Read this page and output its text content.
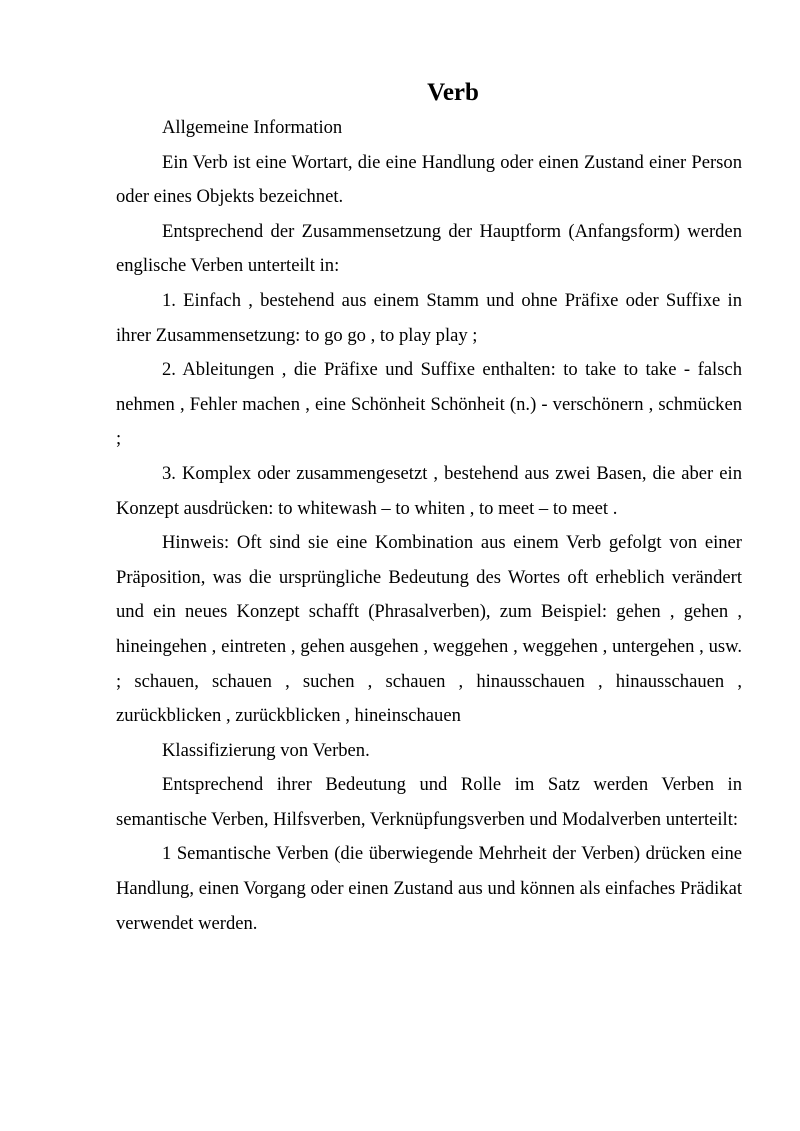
Verb

Allgemeine Information

Ein Verb ist eine Wortart, die eine Handlung oder einen Zustand einer Person oder eines Objekts bezeichnet.

Entsprechend der Zusammensetzung der Hauptform (Anfangsform) werden englische Verben unterteilt in:

1. Einfach , bestehend aus einem Stamm und ohne Präfixe oder Suffixe in ihrer Zusammensetzung: to go go , to play play ;

2. Ableitungen , die Präfixe und Suffixe enthalten: to take to take - falsch nehmen , Fehler machen , eine Schönheit Schönheit (n.) - verschönern , schmücken ;

3. Komplex oder zusammengesetzt , bestehend aus zwei Basen, die aber ein Konzept ausdrücken: to whitewash – to whiten , to meet – to meet .

Hinweis: Oft sind sie eine Kombination aus einem Verb gefolgt von einer Präposition, was die ursprüngliche Bedeutung des Wortes oft erheblich verändert und ein neues Konzept schafft (Phrasalverben), zum Beispiel: gehen , gehen , hineingehen , eintreten , gehen ausgehen , weggehen , weggehen , untergehen , usw. ; schauen, schauen , suchen , schauen , hinausschauen , hinausschauen , zurückblicken , zurückblicken , hineinschauen

Klassifizierung von Verben.

Entsprechend ihrer Bedeutung und Rolle im Satz werden Verben in semantische Verben, Hilfsverben, Verknüpfungsverben und Modalverben unterteilt:

1 Semantische Verben (die überwiegende Mehrheit der Verben) drücken eine Handlung, einen Vorgang oder einen Zustand aus und können als einfaches Prädikat verwendet werden.
